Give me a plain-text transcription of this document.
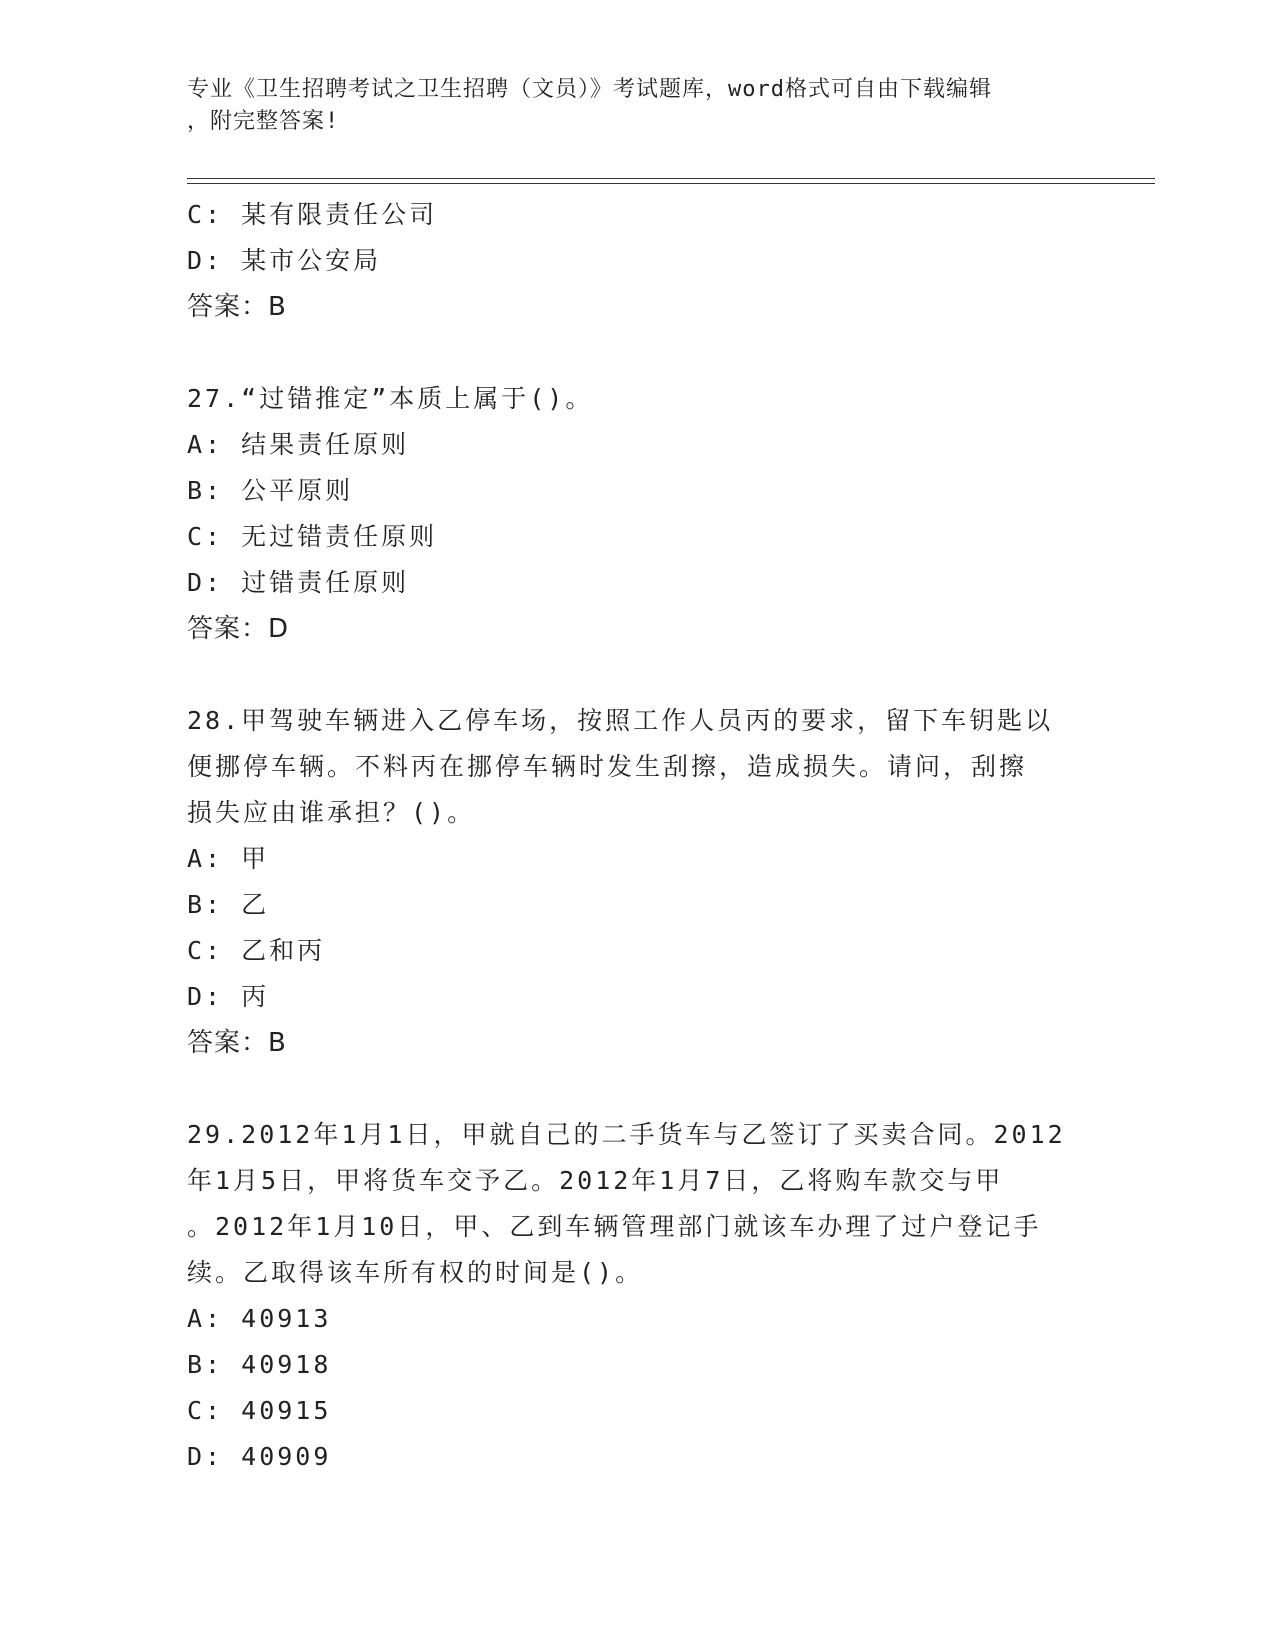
专业《卫生招聘考试之卫生招聘（文员）》考试题库，word格式可自由下载编辑
，附完整答案!
C: 某有限责任公司
D: 某市公安局
答案：B
27.“过错推定”本质上属于()。
A: 结果责任原则
B: 公平原则
C: 无过错责任原则
D: 过错责任原则
答案：D
28.甲驾驶车辆进入乙停车场，按照工作人员丙的要求，留下车钥匙以
便挪停车辆。不料丙在挪停车辆时发生刮擦，造成损失。请问，刮擦
损失应由谁承担？()。
A: 甲
B: 乙
C: 乙和丙
D: 丙
答案：B
29.2012年1月1日，甲就自己的二手货车与乙签订了买卖合同。2012
年1月5日，甲将货车交予乙。2012年1月7日，乙将购车款交与甲
。2012年1月10日，甲、乙到车辆管理部门就该车办理了过户登记手
续。乙取得该车所有权的时间是()。
A: 40913
B: 40918
C: 40915
D: 40909
